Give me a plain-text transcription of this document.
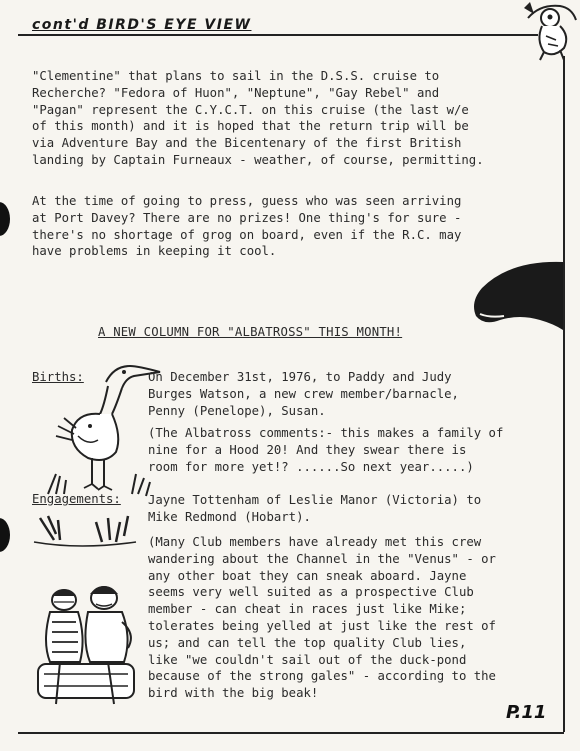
cont'd BIRD'S EYE VIEW

"Clementine" that plans to sail in the D.S.S. cruise to
Recherche? "Fedora of Huon", "Neptune", "Gay Rebel" and
"Pagan" represent the C.Y.C.T. on this cruise (the last w/e
of this month) and it is hoped that the return trip will be
via Adventure Bay and the Bicentenary of the first British
landing by Captain Furneaux - weather, of course, permitting.

At the time of going to press, guess who was seen arriving
at Port Davey? There are no prizes! One thing's for sure -
there's no shortage of grog on board, even if the R.C. may
have problems in keeping it cool.

A NEW COLUMN FOR "ALBATROSS" THIS MONTH!
Births:	On December 31st, 1976, to Paddy and Judy
Burges Watson, a new crew member/barnacle,
Penny (Penelope), Susan.

(The Albatross comments:- this makes a family of
nine for a Hood 20! And they swear there is
room for more yet!? ......So next year.....)

Engagements: Jayne Tottenham of Leslie Manor (Victoria) to
Mike Redmond (Hobart).

(Many Club members have already met this crew
wandering about the Channel in the "Venus" - or
any other boat they can sneak aboard. Jayne
seems very well suited as a prospective Club
member - can cheat in races just like Mike;
tolerates being yelled at just like the rest of
us; and can tell the top quality Club lies,
like "we couldn't sail out of the duck-pond
because of the strong gales" - according to the
bird with the big beak!

P.11
